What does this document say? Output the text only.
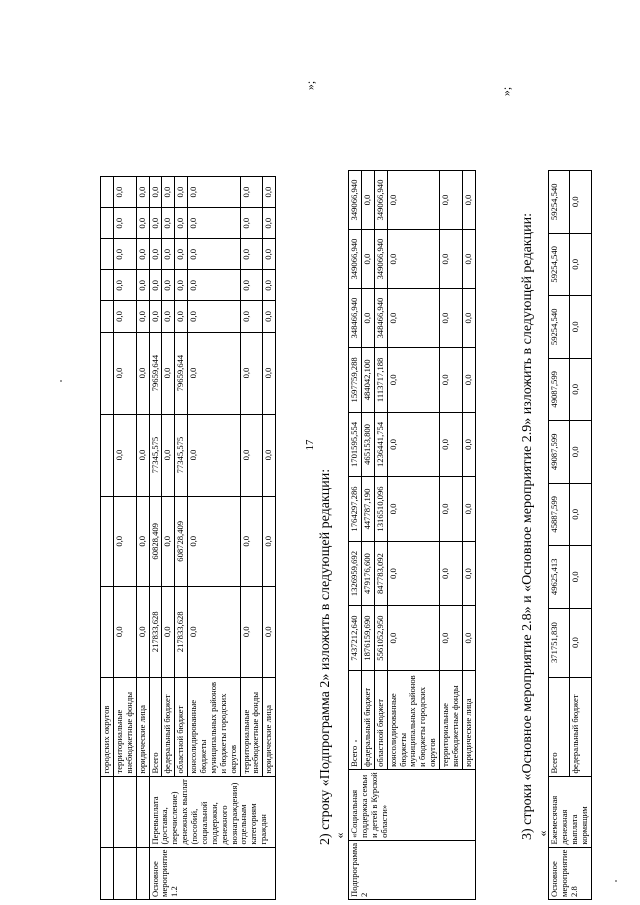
17
		городских округов									
		территориальные внебюджетные фонды	0,0	0,0	0,0	0,0	0,0	0,0	0,0	0,0	0,0
		юридические лица	0,0	0,0	0,0	0,0	0,0	0,0	0,0	0,0	0,0
Основное мероприятие 1.2	Перевыплата (доставка, перечисление) денежных выплат (пособий, социальной поддержки, денежного вознаграждения) отдельным категориям граждан	Всего	217833,628	60828,409	77345,575	79659,644	0,0	0,0	0,0	0,0	0,0
		федеральный бюджет	0,0	0,0	0,0	0,0	0,0	0,0	0,0	0,0	0,0
		областной бюджет	217833,628	608728,409	77345,575	79659,644	0,0	0,0	0,0	0,0	0,0
		консолидированные бюджеты муниципальных районов и бюджеты городских округов	0,0	0,0	0,0	0,0	0,0	0,0	0,0	0,0	0,0
		территориальные внебюджетные фонды	0,0	0,0	0,0	0,0	0,0	0,0	0,0	0,0	0,0
		юридические лица	0,0	0,0	0,0	0,0	0,0	0,0	0,0	0,0	0,0
»;
2) строку «Подпрограмма 2» изложить в следующей редакции: «
Подпрограмма 2	«Социальная поддержка семьи и детей в Курской области»	Всего	7437212,640	1326959,692	1764297,286	1701595,554	1597759,288	348466,940	349066,940	349066,940
		федеральный бюджет	1876159,690	479176,600	447787,190	465153,800	484042,100	0,0	0,0	0,0
		областной бюджет	5561052,950	847783,092	1316510,096	1236441,754	1113717,188	348466,940	349066,940	349066,940
		консолидированные бюджеты муниципальных районов и бюджеты городских округов	0,0	0,0	0,0	0,0	0,0	0,0	0,0	0,0
		территориальные внебюджетные фонды	0,0	0,0	0,0	0,0	0,0	0,0	0,0	0,0
		юридические лица	0,0	0,0	0,0	0,0	0,0	0,0	0,0	0,0
»;
3) строки «Основное мероприятие 2.8» и «Основное мероприятие 2.9» изложить в следующей редакции: «
Основное мероприятие 2.8	Ежемесячная денежная выплата кормящим	Всего	371751,830	49625,413	45887,599	49087,599	49087,599	59254,540	59254,540	59254,540
		федеральный бюджет	0,0	0,0	0,0	0,0	0,0	0,0	0,0	0,0
